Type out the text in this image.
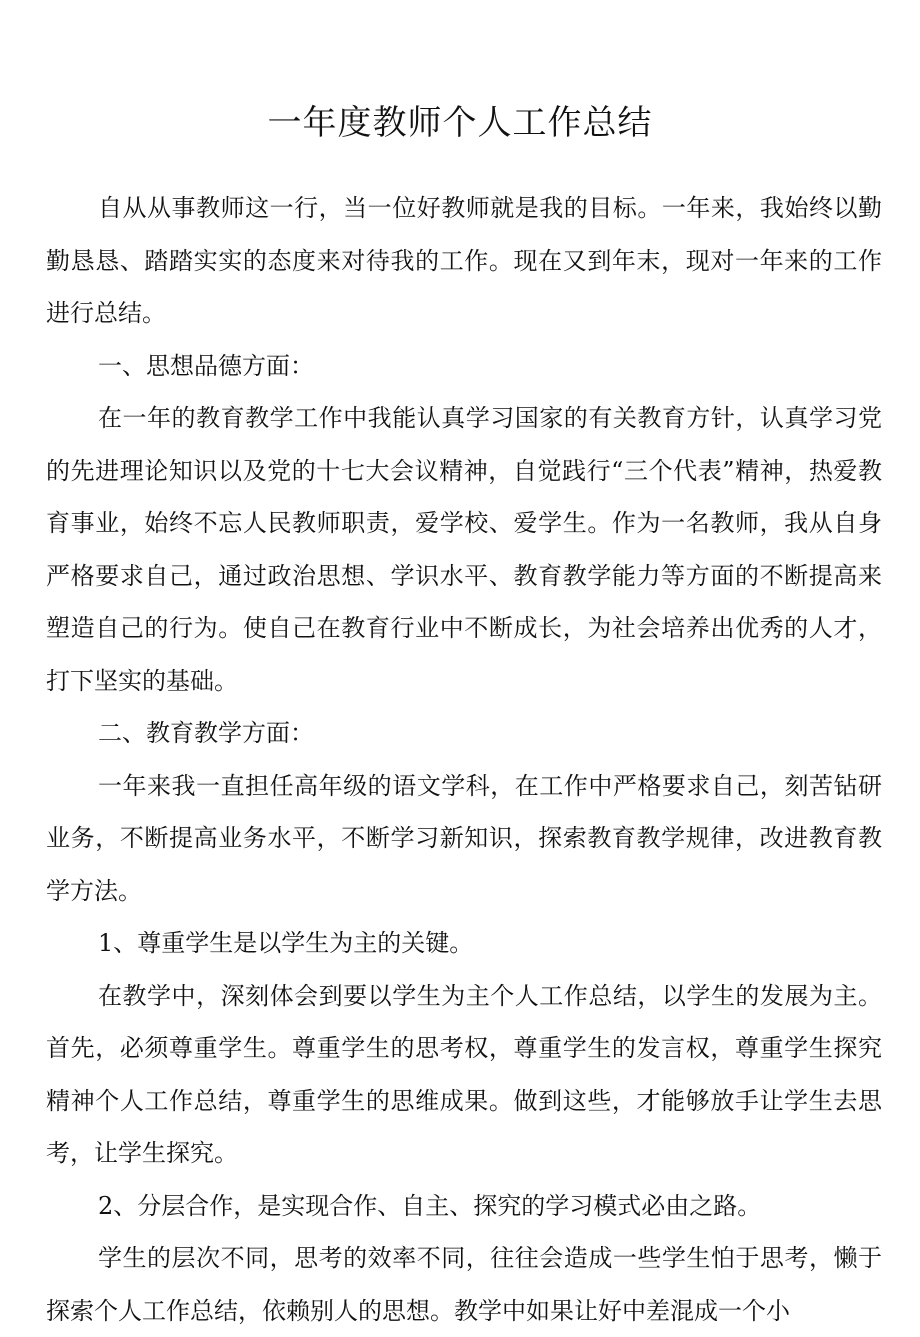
一年度教师个人工作总结

自从从事教师这一行，当一位好教师就是我的目标。一年来，我始终以勤勤恳恳、踏踏实实的态度来对待我的工作。现在又到年末，现对一年来的工作进行总结。

一、思想品德方面：

在一年的教育教学工作中我能认真学习国家的有关教育方针，认真学习党的先进理论知识以及党的十七大会议精神，自觉践行“三个代表”精神，热爱教育事业，始终不忘人民教师职责，爱学校、爱学生。作为一名教师，我从自身严格要求自己，通过政治思想、学识水平、教育教学能力等方面的不断提高来塑造自己的行为。使自己在教育行业中不断成长，为社会培养出优秀的人才，打下坚实的基础。

二、教育教学方面：

一年来我一直担任高年级的语文学科，在工作中严格要求自己，刻苦钻研业务，不断提高业务水平，不断学习新知识，探索教育教学规律，改进教育教学方法。

1、尊重学生是以学生为主的关键。

在教学中，深刻体会到要以学生为主个人工作总结，以学生的发展为主。首先，必须尊重学生。尊重学生的思考权，尊重学生的发言权，尊重学生探究精神个人工作总结，尊重学生的思维成果。做到这些，才能够放手让学生去思考，让学生探究。

2、分层合作，是实现合作、自主、探究的学习模式必由之路。

学生的层次不同，思考的效率不同，往往会造成一些学生怕于思考，懒于探索个人工作总结，依赖别人的思想。教学中如果让好中差混成一个小
